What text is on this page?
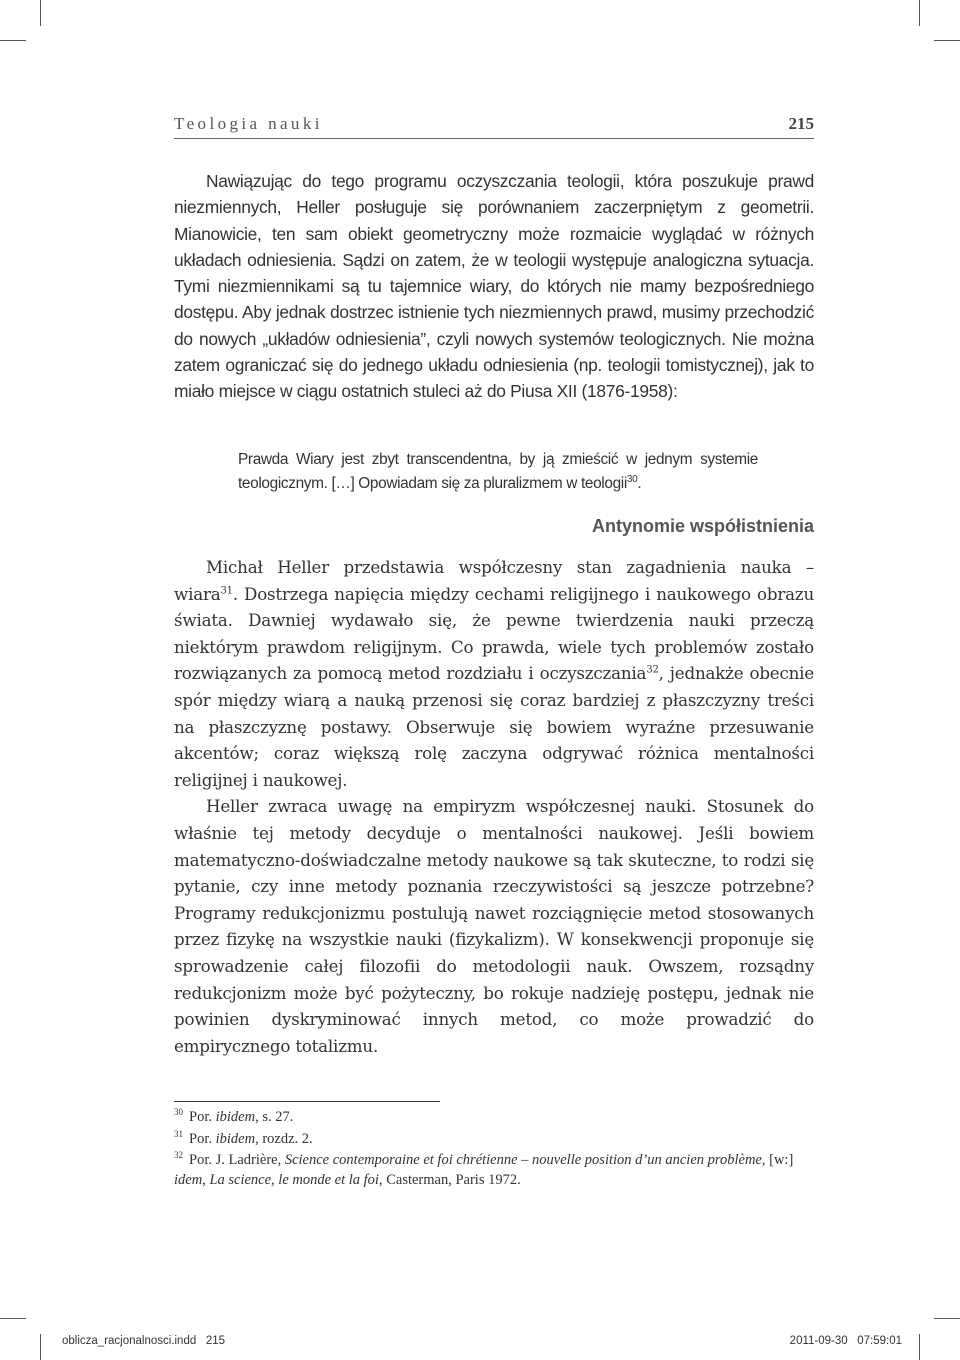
Teologia nauki	215

Nawiązując do tego programu oczyszczania teologii, która poszukuje prawd niezmiennych, Heller posługuje się porównaniem zaczerpniętym z geometrii. Mianowicie, ten sam obiekt geometryczny może rozmaicie wyglądać w różnych układach odniesienia. Sądzi on zatem, że w teologii występuje analogiczna sytuacja. Tymi niezmiennikami są tu tajemnice wiary, do których nie mamy bezpośredniego dostępu. Aby jednak dostrzec istnienie tych niezmiennych prawd, musimy przechodzić do nowych „układów odniesienia”, czyli nowych systemów teologicznych. Nie można zatem ograniczać się do jednego układu odniesienia (np. teologii tomistycznej), jak to miało miejsce w ciągu ostatnich stuleci aż do Piusa XII (1876-1958):

Prawda Wiary jest zbyt transcendentna, by ją zmieścić w jednym systemie teologicznym. […] Opowiadam się za pluralizmem w teologii$^{30}$.

Antynomie współistnienia

Michał Heller przedstawia współczesny stan zagadnienia nauka – wiara$^{31}$. Dostrzega napięcia między cechami religijnego i naukowego obrazu świata. Dawniej wydawało się, że pewne twierdzenia nauki przeczą niektórym prawdom religijnym. Co prawda, wiele tych problemów zostało rozwiązanych za pomocą metod rozdziału i oczyszczania$^{32}$, jednakże obecnie spór między wiarą a nauką przenosi się coraz bardziej z płaszczyzny treści na płaszczyznę postawy. Obserwuje się bowiem wyraźne przesuwanie akcentów; coraz większą rolę zaczyna odgrywać różnica mentalności religijnej i naukowej.

Heller zwraca uwagę na empiryzm współczesnej nauki. Stosunek do właśnie tej metody decyduje o mentalności naukowej. Jeśli bowiem matematyczno-doświadczalne metody naukowe są tak skuteczne, to rodzi się pytanie, czy inne metody poznania rzeczywistości są jeszcze potrzebne? Programy redukcjonizmu postulują nawet rozciągnięcie metod stosowanych przez fizykę na wszystkie nauki (fizykalizm). W konsekwencji proponuje się sprowadzenie całej filozofii do metodologii nauk. Owszem, rozsądny redukcjonizm może być pożyteczny, bo rokuje nadzieję postępu, jednak nie powinien dyskryminować innych metod, co może prowadzić do empirycznego totalizmu.

$^{30}$ Por. ibidem, s. 27.

$^{31}$ Por. ibidem, rozdz. 2.

$^{32}$ Por. J. Ladrière, Science contemporaine et foi chrétienne – nouvelle position d’un ancien problème, [w:] idem, La science, le monde et la foi, Casterman, Paris 1972.

oblicza_racjonalnosci.indd   215	2011-09-30   07:59:01
